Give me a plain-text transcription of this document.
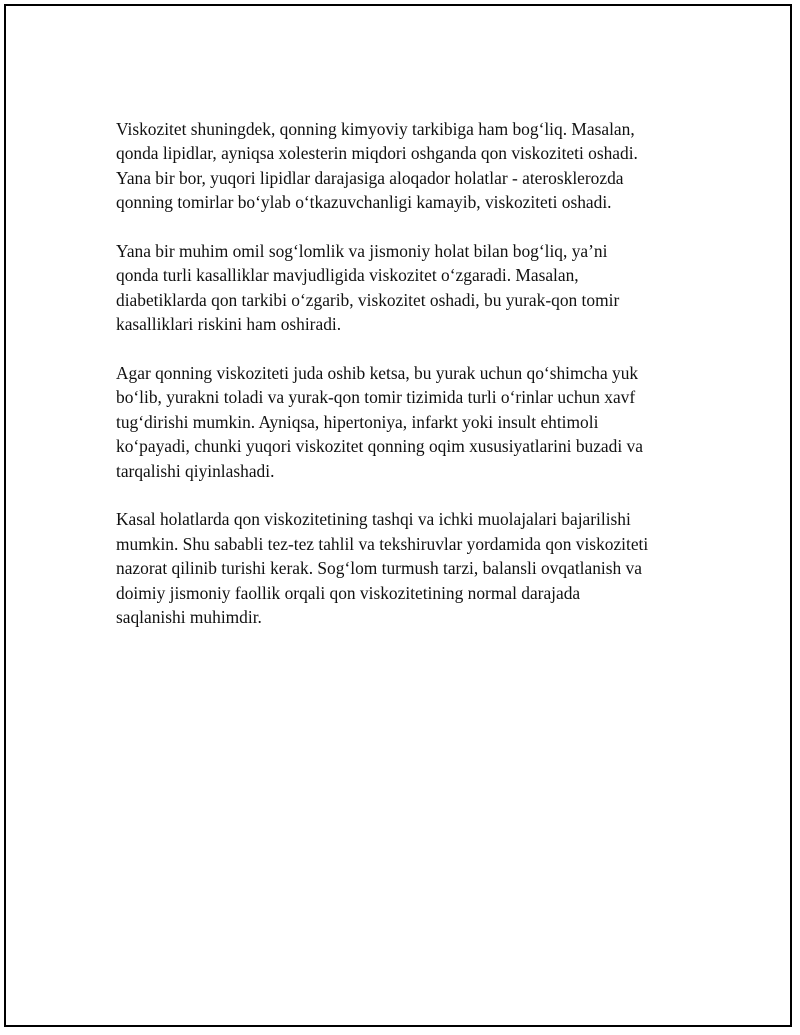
Viskozitet shuningdek, qonning kimyoviy tarkibiga ham bog‘liq. Masalan,
qonda lipidlar, ayniqsa xolesterin miqdori oshganda qon viskoziteti oshadi.
Yana bir bor, yuqori lipidlar darajasiga aloqador holatlar - aterosklerozda
qonning tomirlar bo‘ylab o‘tkazuvchanligi kamayib, viskoziteti oshadi.

Yana bir muhim omil sog‘lomlik va jismoniy holat bilan bog‘liq, ya’ni
qonda turli kasalliklar mavjudligida viskozitet o‘zgaradi. Masalan,
diabetiklarda qon tarkibi o‘zgarib, viskozitet oshadi, bu yurak-qon tomir
kasalliklari riskini ham oshiradi.

Agar qonning viskoziteti juda oshib ketsa, bu yurak uchun qo‘shimcha yuk
bo‘lib, yurakni toladi va yurak-qon tomir tizimida turli o‘rinlar uchun xavf
tug‘dirishi mumkin. Ayniqsa, hipertoniya, infarkt yoki insult ehtimoli
ko‘payadi, chunki yuqori viskozitet qonning oqim xususiyatlarini buzadi va
tarqalishi qiyinlashadi.

Kasal holatlarda qon viskozitetining tashqi va ichki muolajalari bajarilishi
mumkin. Shu sababli tez-tez tahlil va tekshiruvlar yordamida qon viskoziteti
nazorat qilinib turishi kerak. Sog‘lom turmush tarzi, balansli ovqatlanish va
doimiy jismoniy faollik orqali qon viskozitetining normal darajada
saqlanishi muhimdir.
